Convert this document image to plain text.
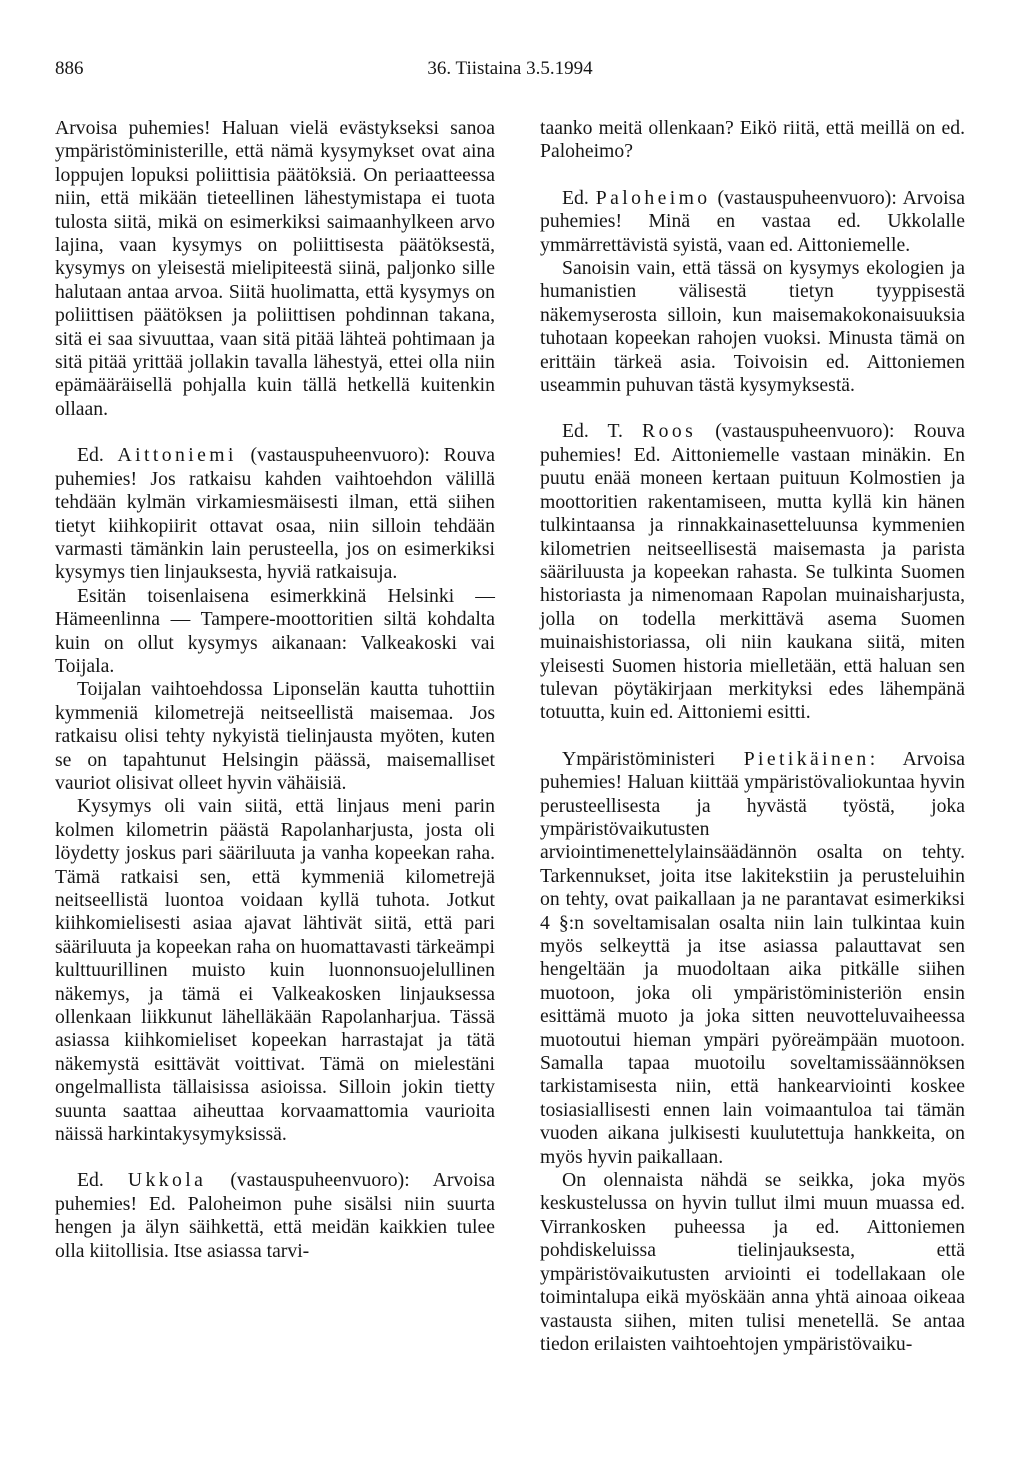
886	36. Tiistaina 3.5.1994

Arvoisa puhemies! Haluan vielä evästykseksi sanoa ympäristöministerille, että nämä kysymykset ovat aina loppujen lopuksi poliittisia päätöksiä. On periaatteessa niin, että mikään tieteellinen lähestymistapa ei tuota tulosta siitä, mikä on esimerkiksi saimaanhylkeen arvo lajina, vaan kysymys on poliittisesta päätöksestä, kysymys on yleisestä mielipiteestä siinä, paljonko sille halutaan antaa arvoa. Siitä huolimatta, että kysymys on poliittisen päätöksen ja poliittisen pohdinnan takana, sitä ei saa sivuuttaa, vaan sitä pitää lähteä pohtimaan ja sitä pitää yrittää jollakin tavalla lähestyä, ettei olla niin epämääräisellä pohjalla kuin tällä hetkellä kuitenkin ollaan.

Ed. Aittoniemi (vastauspuheenvuoro): Rouva puhemies! Jos ratkaisu kahden vaihtoehdon välillä tehdään kylmän virkamiesmäisesti ilman, että siihen tietyt kiihkopiirit ottavat osaa, niin silloin tehdään varmasti tämänkin lain perusteella, jos on esimerkiksi kysymys tien linjauksesta, hyviä ratkaisuja.

Esitän toisenlaisena esimerkkinä Helsinki — Hämeenlinna — Tampere-moottoritien siltä kohdalta kuin on ollut kysymys aikanaan: Valkeakoski vai Toijala.

Toijalan vaihtoehdossa Liponselän kautta tuhottiin kymmeniä kilometrejä neitseellistä maisemaa. Jos ratkaisu olisi tehty nykyistä tielinjausta myöten, kuten se on tapahtunut Helsingin päässä, maisemalliset vauriot olisivat olleet hyvin vähäisiä.

Kysymys oli vain siitä, että linjaus meni parin kolmen kilometrin päästä Rapolanharjusta, josta oli löydetty joskus pari sääriluuta ja vanha kopeekan raha. Tämä ratkaisi sen, että kymmeniä kilometrejä neitseellistä luontoa voidaan kyllä tuhota. Jotkut kiihkomielisesti asiaa ajavat lähtivät siitä, että pari sääriluuta ja kopeekan raha on huomattavasti tärkeämpi kulttuurillinen muisto kuin luonnonsuojelullinen näkemys, ja tämä ei Valkeakosken linjauksessa ollenkaan liikkunut lähelläkään Rapolanharjua. Tässä asiassa kiihkomieliset kopeekan harrastajat ja tätä näkemystä esittävät voittivat. Tämä on mielestäni ongelmallista tällaisissa asioissa. Silloin jokin tietty suunta saattaa aiheuttaa korvaamattomia vaurioita näissä harkintakysymyksissä.

Ed. Ukkola (vastauspuheenvuoro): Arvoisa puhemies! Ed. Paloheimon puhe sisälsi niin suurta hengen ja älyn säihkettä, että meidän kaikkien tulee olla kiitollisia. Itse asiassa tarvi-

taanko meitä ollenkaan? Eikö riitä, että meillä on ed. Paloheimo?

Ed. Paloheimo (vastauspuheenvuoro): Arvoisa puhemies! Minä en vastaa ed. Ukkolalle ymmärrettävistä syistä, vaan ed. Aittoniemelle.

Sanoisin vain, että tässä on kysymys ekologien ja humanistien välisestä tietyn tyyppisestä näkemyserosta silloin, kun maisemakokonaisuuksia tuhotaan kopeekan rahojen vuoksi. Minusta tämä on erittäin tärkeä asia. Toivoisin ed. Aittoniemen useammin puhuvan tästä kysymyksestä.

Ed. T. Roos (vastauspuheenvuoro): Rouva puhemies! Ed. Aittoniemelle vastaan minäkin. En puutu enää moneen kertaan puituun Kolmostien ja moottoritien rakentamiseen, mutta kyllä kin hänen tulkintaansa ja rinnakkainasetteluunsa kymmenien kilometrien neitseellisestä maisemasta ja parista sääriluusta ja kopeekan rahasta. Se tulkinta Suomen historiasta ja nimenomaan Rapolan muinaisharjusta, jolla on todella merkittävä asema Suomen muinaishistoriassa, oli niin kaukana siitä, miten yleisesti Suomen historia mielletään, että haluan sen tulevan pöytäkirjaan merkityksi edes lähempänä totuutta, kuin ed. Aittoniemi esitti.

Ympäristöministeri Pietikäinen: Arvoisa puhemies! Haluan kiittää ympäristövaliokuntaa hyvin perusteellisesta ja hyvästä työstä, joka ympäristövaikutusten arviointimenettelylainsäädännön osalta on tehty. Tarkennukset, joita itse lakitekstiin ja perusteluihin on tehty, ovat paikallaan ja ne parantavat esimerkiksi 4 §:n soveltamisalan osalta niin lain tulkintaa kuin myös selkeyttä ja itse asiassa palauttavat sen hengeltään ja muodoltaan aika pitkälle siihen muotoon, joka oli ympäristöministeriön ensin esittämä muoto ja joka sitten neuvotteluvaiheessa muotoutui hieman ympäri pyöreämpään muotoon. Samalla tapaa muotoilu soveltamissäännöksen tarkistamisesta niin, että hankearviointi koskee tosiasiallisesti ennen lain voimaantuloa tai tämän vuoden aikana julkisesti kuulutettuja hankkeita, on myös hyvin paikallaan.

On olennaista nähdä se seikka, joka myös keskustelussa on hyvin tullut ilmi muun muassa ed. Virrankosken puheessa ja ed. Aittoniemen pohdiskeluissa tielinjauksesta, että ympäristövaikutusten arviointi ei todellakaan ole toimintalupa eikä myöskään anna yhtä ainoaa oikeaa vastausta siihen, miten tulisi menetellä. Se antaa tiedon erilaisten vaihtoehtojen ympäristövaiku-
